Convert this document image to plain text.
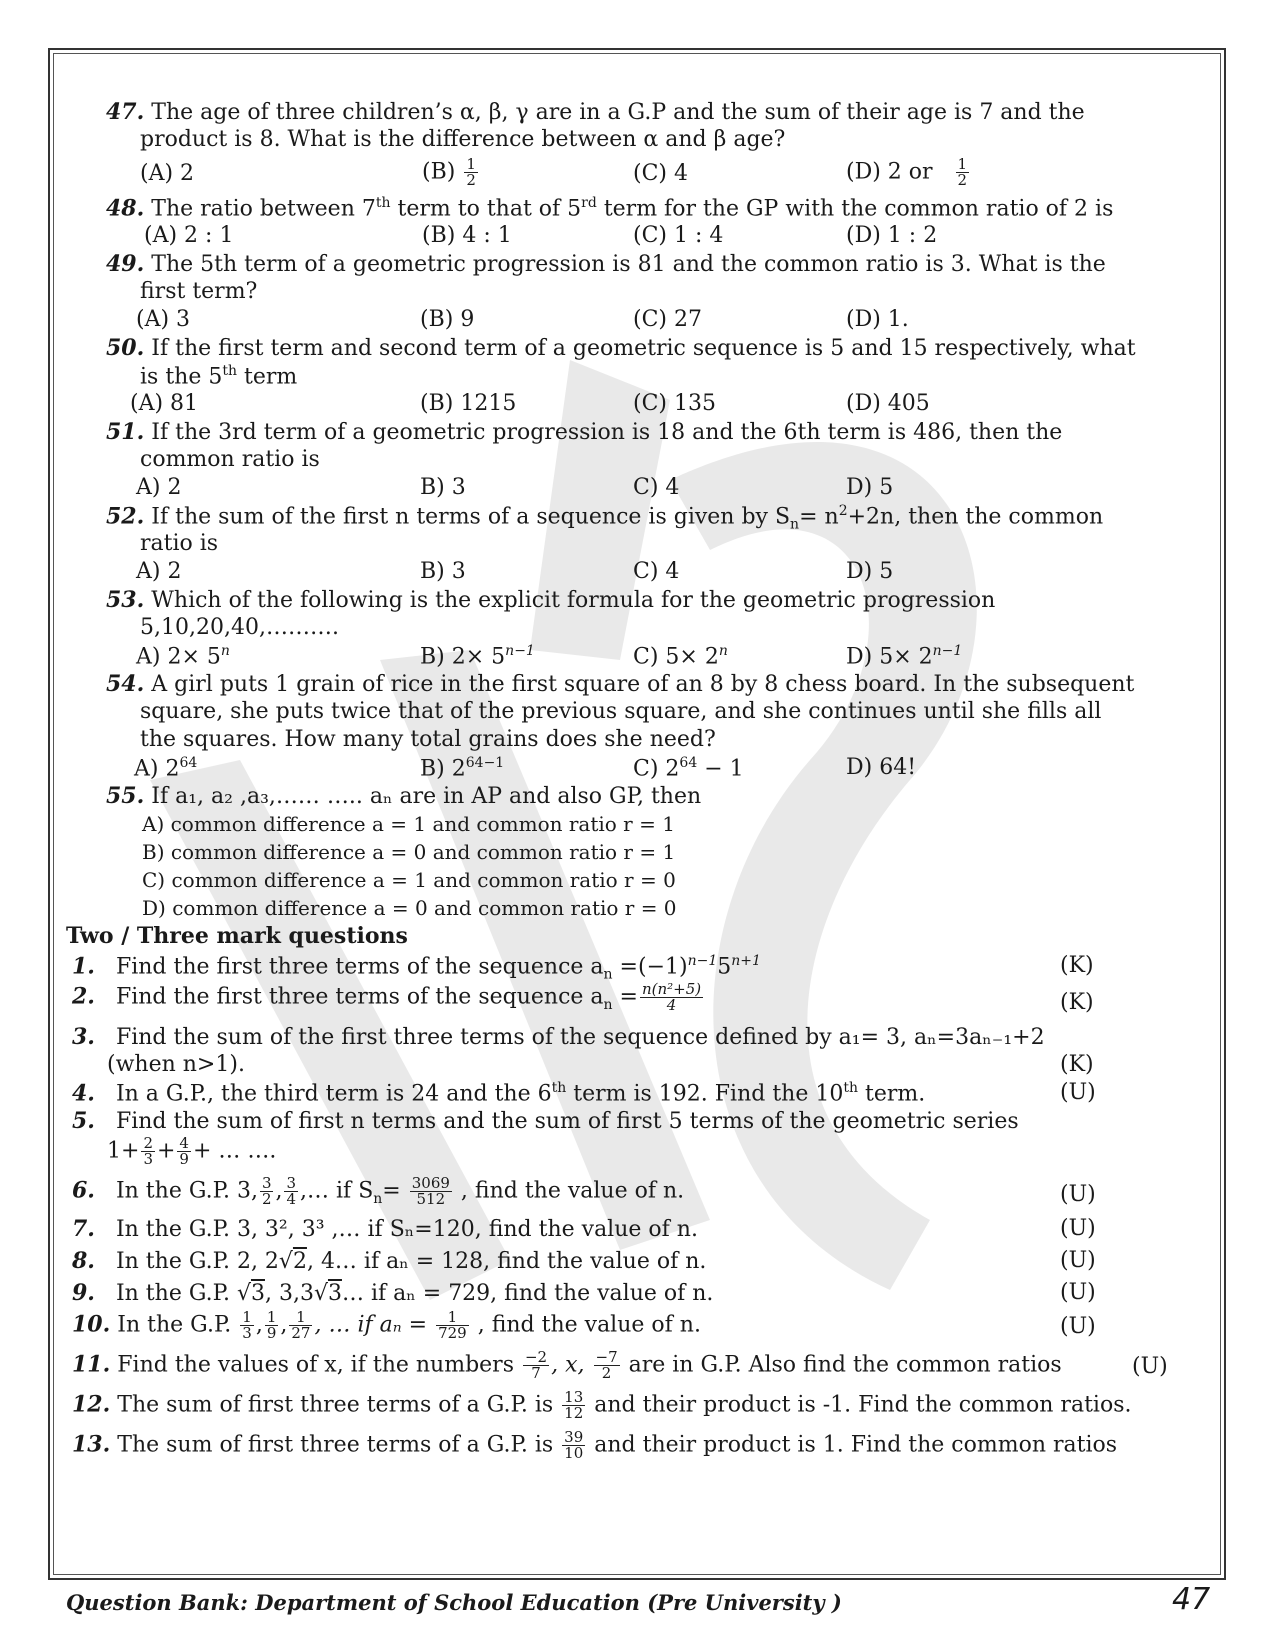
47. The age of three children’s α, β, γ are in a G.P and the sum of their age is 7 and the
product is 8. What is the difference between α and β age?
(A) 2	$(B) \frac{1}{2}$	(C) 4	(D) 2 or $\frac{1}{2}$
48. The ratio between 7th term to that of 5rd term for the GP with the common ratio of 2 is
(A) 2 : 1	(B) 4 : 1	(C) 1 : 4	(D) 1 : 2
49. The 5th term of a geometric progression is 81 and the common ratio is 3. What is the
first term?
(A) 3	(B) 9	(C) 27	(D) 1.
50. If the first term and second term of a geometric sequence is 5 and 15 respectively, what
is the 5th term
(A) 81	(B) 1215	(C) 135	(D) 405
51. If the 3rd term of a geometric progression is 18 and the 6th term is 486, then the
common ratio is
A) 2	B) 3	C) 4	D) 5
52. If the sum of the first n terms of a sequence is given by $S_n= n^2+2n$, then the common
ratio is
A) 2	B) 3	C) 4	D) 5
53. Which of the following is the explicit formula for the geometric progression
5,10,20,40,……….
A) $2\times 5^n$	B) $2\times 5^{n-1}$	C) $5\times 2^n$	D) $5\times 2^{n-1}$
54. A girl puts 1 grain of rice in the first square of an 8 by 8 chess board. In the subsequent
square, she puts twice that of the previous square, and she continues until she fills all
the squares. How many total grains does she need?
A) $2^{64}$	B) $2^{64-1}$	C) $2^{64} - 1$	D) 64!
55. If a₁, a₂ ,a₃,…… ….. aₙ are in AP and also GP, then
A) common difference a = 1 and common ratio r = 1
B) common difference a = 0 and common ratio r = 1
C) common difference a = 1 and common ratio r = 0
D) common difference a = 0 and common ratio r = 0
Two / Three mark questions
1. Find the first three terms of the sequence $a_n =(-1)^{n-1}5^{n+1}$	(K)
2. Find the first three terms of the sequence $a_n = \frac{\text{n(n²+5)}}{4}$	(K)
3. Find the sum of the first three terms of the sequence defined by a₁= 3, aₙ=3aₙ₋₁+2
(when n>1).	(K)
4. In a G.P., the third term is 24 and the 6th term is 192. Find the 10th term.	(U)
5. Find the sum of first n terms and the sum of first 5 terms of the geometric series
$1+ \frac{2}{3} + \frac{4}{9}$ + … ….
6. In the G.P. 3, $\frac{3}{2}$ , $\frac{3}{4}$ ,… if $S_n= \frac{3069}{512}$ , find the value of n.	(U)
7. In the G.P. 3, 3², 3³ ,… if Sₙ=120, find the value of n.	(U)
8. In the G.P. 2, 2√2, 4… if aₙ = 128, find the value of n.	(U)
9. In the G.P. √3, 3,3√3… if aₙ = 729, find the value of n.	(U)
10. In the G.P. $\frac{1}{3}$ , $\frac{1}{9}$ , $\frac{1}{27}$ , … if $a_n = \frac{1}{729}$ , find the value of n.	(U)
11. Find the values of x, if the numbers $\frac{-2}{7}$ , x, $\frac{-7}{2}$ are in G.P. Also find the common ratios	(U)
12. The sum of first three terms of a G.P. is $\frac{13}{12}$ and their product is -1. Find the common ratios.
13. The sum of first three terms of a G.P. is $\frac{39}{10}$ and their product is 1. Find the common ratios
Question Bank: Department of School Education (Pre University )	47
